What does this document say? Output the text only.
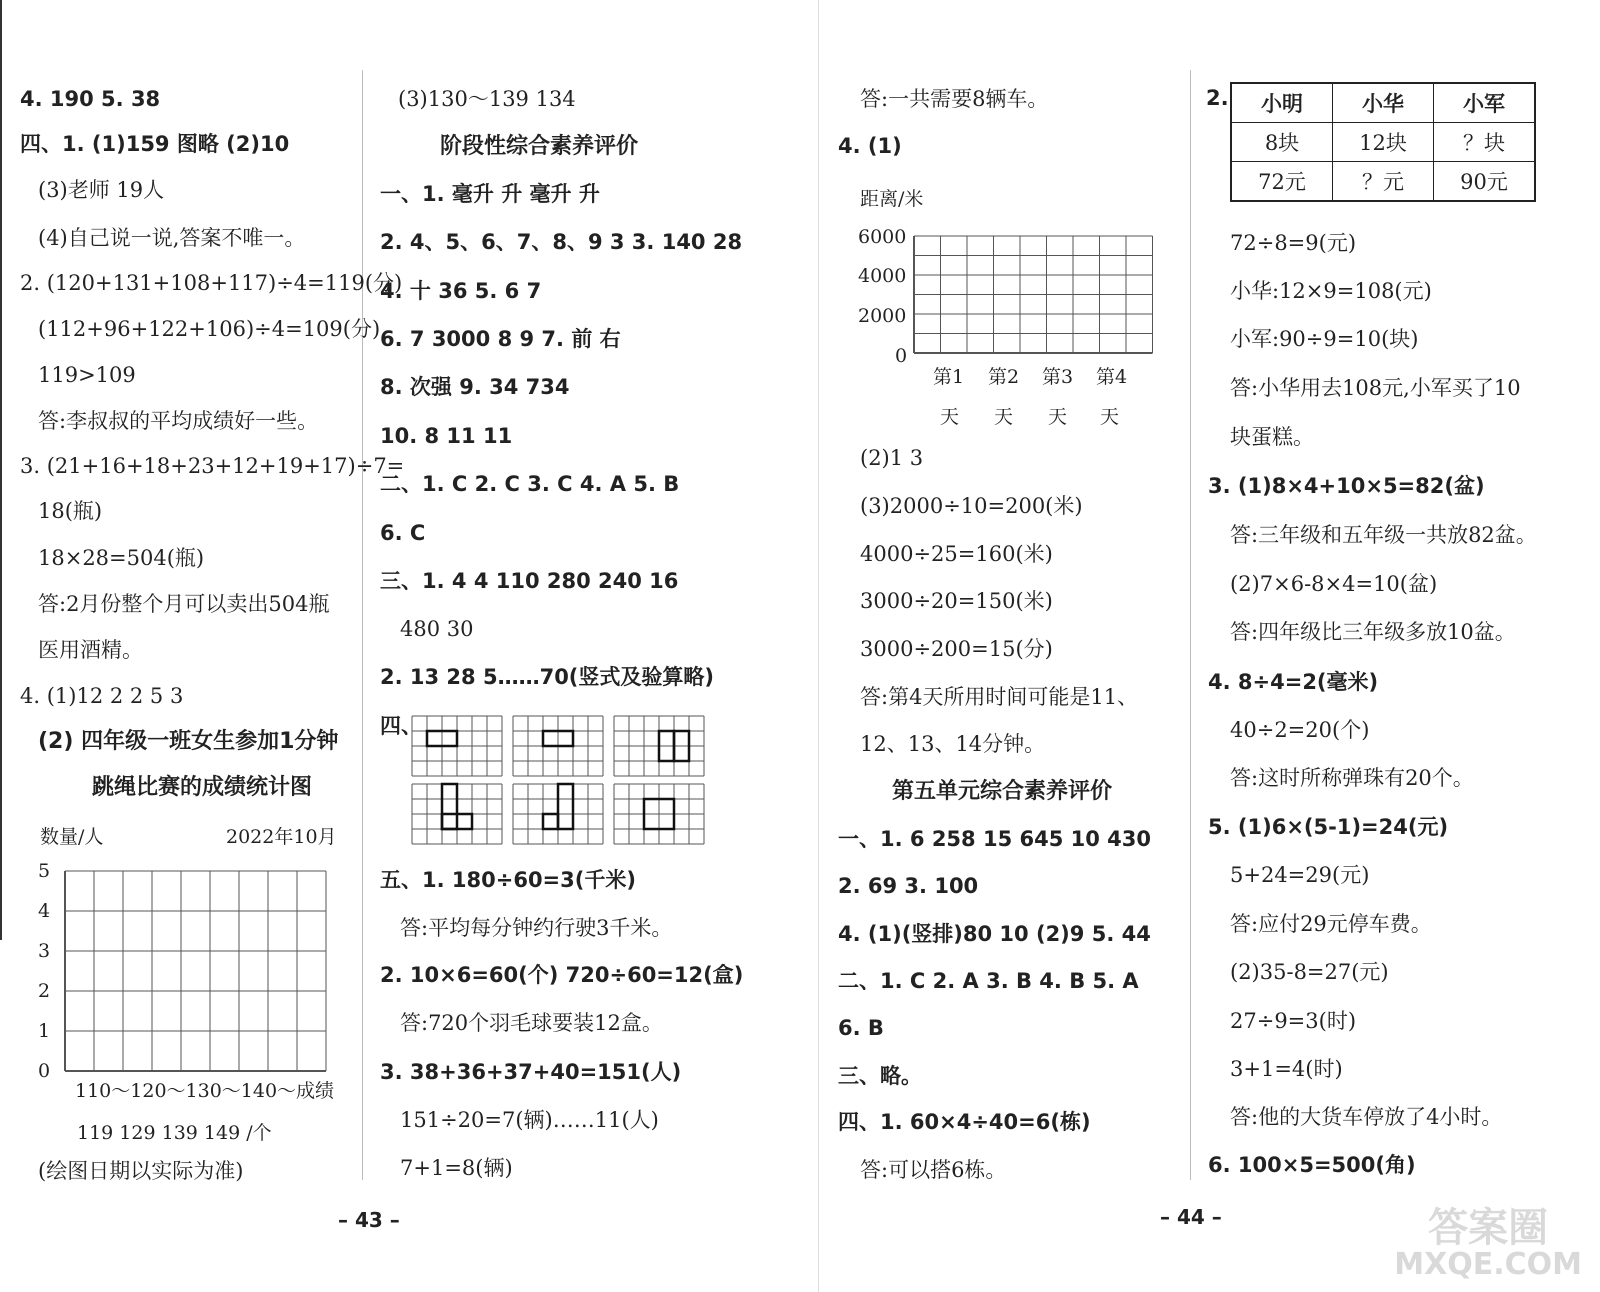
4. 190 5. 38
四、1. (1)159 图略 (2)10
(3)老师 19人
(4)自己说一说,答案不唯一。
2. (120+131+108+117)÷4=119(分)
(112+96+122+106)÷4=109(分)
119>109
答:李叔叔的平均成绩好一些。
3. (21+16+18+23+12+19+17)÷7=
18(瓶)
18×28=504(瓶)
答:2月份整个月可以卖出504瓶
医用酒精。
4. (1)12 2 2 5 3
(2) 四年级一班女生参加1分钟
跳绳比赛的成绩统计图
数量/人	2022年10月
5
4
3
2
1
0
110～120～130～140～成绩
119 129 139 149 /个
(绘图日期以实际为准)
(3)130～139 134
阶段性综合素养评价
一、1. 毫升 升 毫升 升
2. 4、5、6、7、8、9 3 3. 140 28
4. 十 36 5. 6 7
6. 7 3000 8 9 7. 前 右
8. 次强 9. 34 734
10. 8 11 11
二、1. C 2. C 3. C 4. A 5. B
6. C
三、1. 4 4 110 280 240 16
480 30
2. 13 28 5……70(竖式及验算略)
四、
五、1. 180÷60=3(千米)
答:平均每分钟约行驶3千米。
2. 10×6=60(个) 720÷60=12(盒)
答:720个羽毛球要装12盒。
3. 38+36+37+40=151(人)
151÷20=7(辆)……11(人)
7+1=8(辆)
– 43 –
答:一共需要8辆车。
4. (1)
距离/米
6000
4000
2000
0
第1 第2 第3 第4
天 天 天 天
(2)1 3
(3)2000÷10=200(米)
4000÷25=160(米)
3000÷20=150(米)
3000÷200=15(分)
答:第4天所用时间可能是11、
12、13、14分钟。
第五单元综合素养评价
一、1. 6 258 15 645 10 430
2. 69 3. 100
4. (1)(竖排)80 10 (2)9 5. 44
二、1. C 2. A 3. B 4. B 5. A
6. B
三、略。
四、1. 60×4÷40=6(栋)
答:可以搭6栋。
– 44 –
2. 小明	小华	小军
8块	12块	？块
72元	？元	90元
72÷8=9(元)
小华:12×9=108(元)
小军:90÷9=10(块)
答:小华用去108元,小军买了10
块蛋糕。
3. (1)8×4+10×5=82(盆)
答:三年级和五年级一共放82盆。
(2)7×6-8×4=10(盆)
答:四年级比三年级多放10盆。
4. 8÷4=2(毫米)
40÷2=20(个)
答:这时所称弹珠有20个。
5. (1)6×(5-1)=24(元)
5+24=29(元)
答:应付29元停车费。
(2)35-8=27(元)
27÷9=3(时)
3+1=4(时)
答:他的大货车停放了4小时。
6. 100×5=500(角)
答案圈
MXQE.COM
